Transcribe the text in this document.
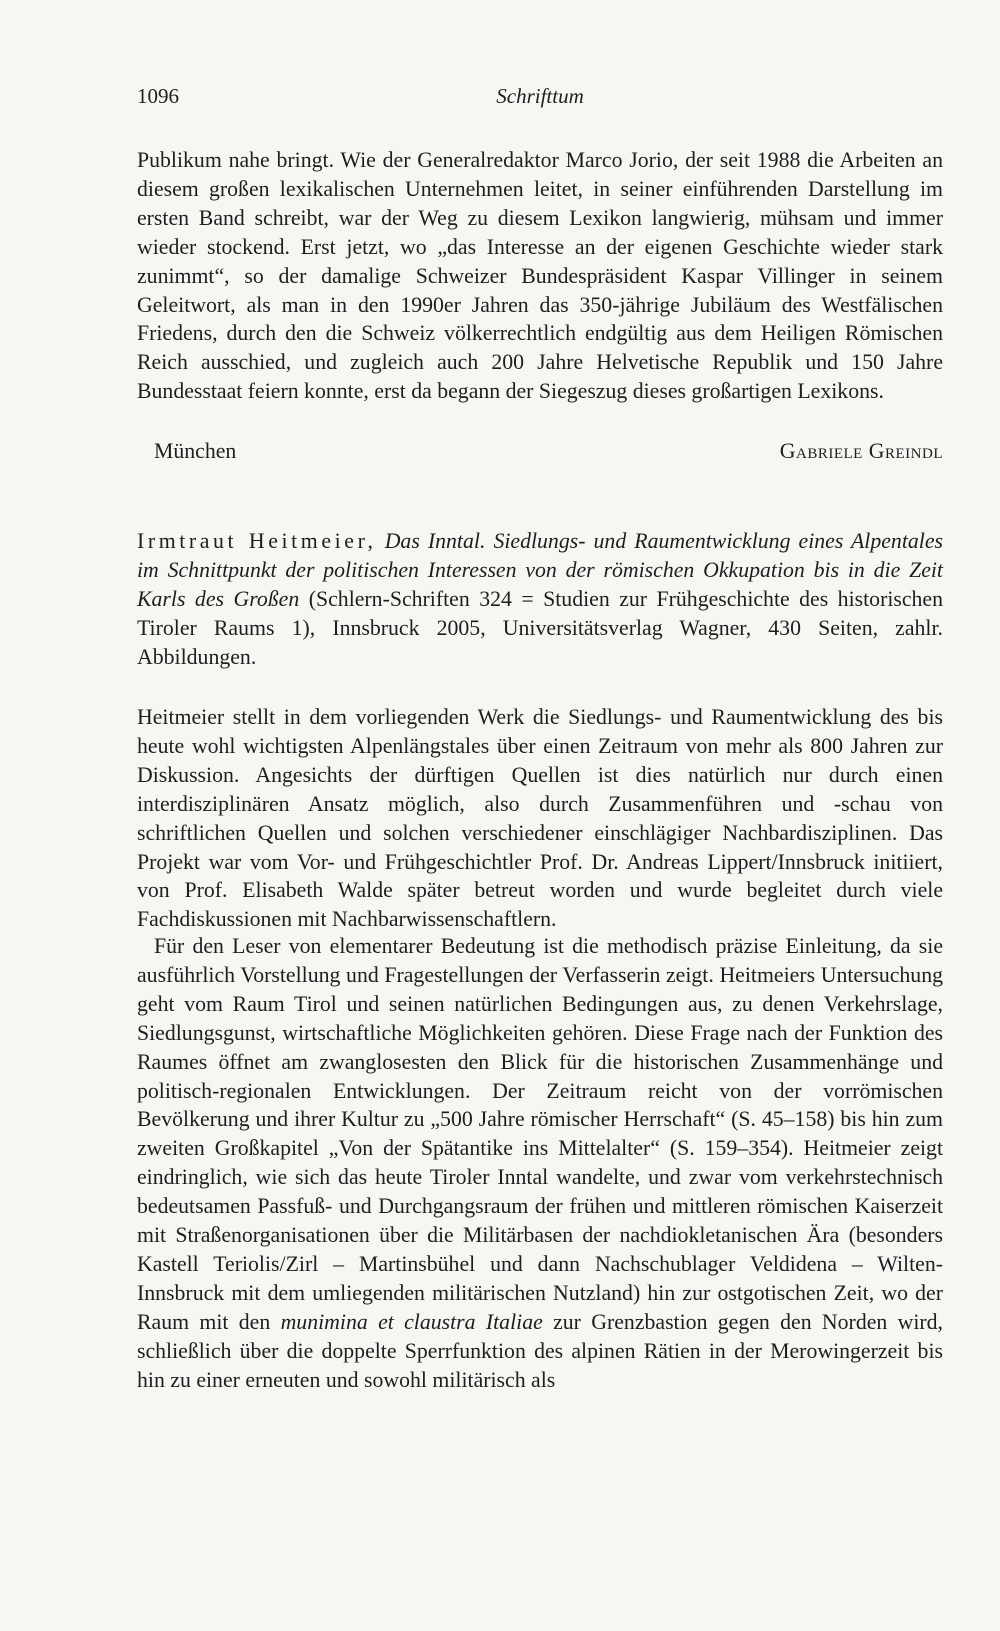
1096	Schrifttum

Publikum nahe bringt. Wie der Generalredaktor Marco Jorio, der seit 1988 die Arbeiten an diesem großen lexikalischen Unternehmen leitet, in seiner einführenden Darstellung im ersten Band schreibt, war der Weg zu diesem Lexikon langwierig, mühsam und immer wieder stockend. Erst jetzt, wo „das Interesse an der eigenen Geschichte wieder stark zunimmt“, so der damalige Schweizer Bundespräsident Kaspar Villinger in seinem Geleitwort, als man in den 1990er Jahren das 350-jährige Jubiläum des Westfälischen Friedens, durch den die Schweiz völkerrechtlich endgültig aus dem Heiligen Römischen Reich ausschied, und zugleich auch 200 Jahre Helvetische Republik und 150 Jahre Bundesstaat feiern konnte, erst da begann der Siegeszug dieses großartigen Lexikons.

München	Gabriele Greindl

Irmtraut Heitmeier, Das Inntal. Siedlungs- und Raumentwicklung eines Alpentales im Schnittpunkt der politischen Interessen von der römischen Okkupation bis in die Zeit Karls des Großen (Schlern-Schriften 324 = Studien zur Frühgeschichte des historischen Tiroler Raums 1), Innsbruck 2005, Universitätsverlag Wagner, 430 Seiten, zahlr. Abbildungen.

Heitmeier stellt in dem vorliegenden Werk die Siedlungs- und Raumentwicklung des bis heute wohl wichtigsten Alpenlängstales über einen Zeitraum von mehr als 800 Jahren zur Diskussion. Angesichts der dürftigen Quellen ist dies natürlich nur durch einen interdisziplinären Ansatz möglich, also durch Zusammenführen und -schau von schriftlichen Quellen und solchen verschiedener einschlägiger Nachbardisziplinen. Das Projekt war vom Vor- und Frühgeschichtler Prof. Dr. Andreas Lippert/Innsbruck initiiert, von Prof. Elisabeth Walde später betreut worden und wurde begleitet durch viele Fachdiskussionen mit Nachbarwissenschaftlern.

Für den Leser von elementarer Bedeutung ist die methodisch präzise Einleitung, da sie ausführlich Vorstellung und Fragestellungen der Verfasserin zeigt. Heitmeiers Untersuchung geht vom Raum Tirol und seinen natürlichen Bedingungen aus, zu denen Verkehrslage, Siedlungsgunst, wirtschaftliche Möglichkeiten gehören. Diese Frage nach der Funktion des Raumes öffnet am zwanglosesten den Blick für die historischen Zusammenhänge und politisch-regionalen Entwicklungen. Der Zeitraum reicht von der vorrömischen Bevölkerung und ihrer Kultur zu „500 Jahre römischer Herrschaft“ (S. 45–158) bis hin zum zweiten Großkapitel „Von der Spätantike ins Mittelalter“ (S. 159–354). Heitmeier zeigt eindringlich, wie sich das heute Tiroler Inntal wandelte, und zwar vom verkehrstechnisch bedeutsamen Passfuß- und Durchgangsraum der frühen und mittleren römischen Kaiserzeit mit Straßenorganisationen über die Militärbasen der nachdiokletanischen Ära (besonders Kastell Teriolis/Zirl – Martinsbühel und dann Nachschublager Veldidena – Wilten-Innsbruck mit dem umliegenden militärischen Nutzland) hin zur ostgotischen Zeit, wo der Raum mit den munimina et claustra Italiae zur Grenzbastion gegen den Norden wird, schließlich über die doppelte Sperrfunktion des alpinen Rätien in der Merowingerzeit bis hin zu einer erneuten und sowohl militärisch als
